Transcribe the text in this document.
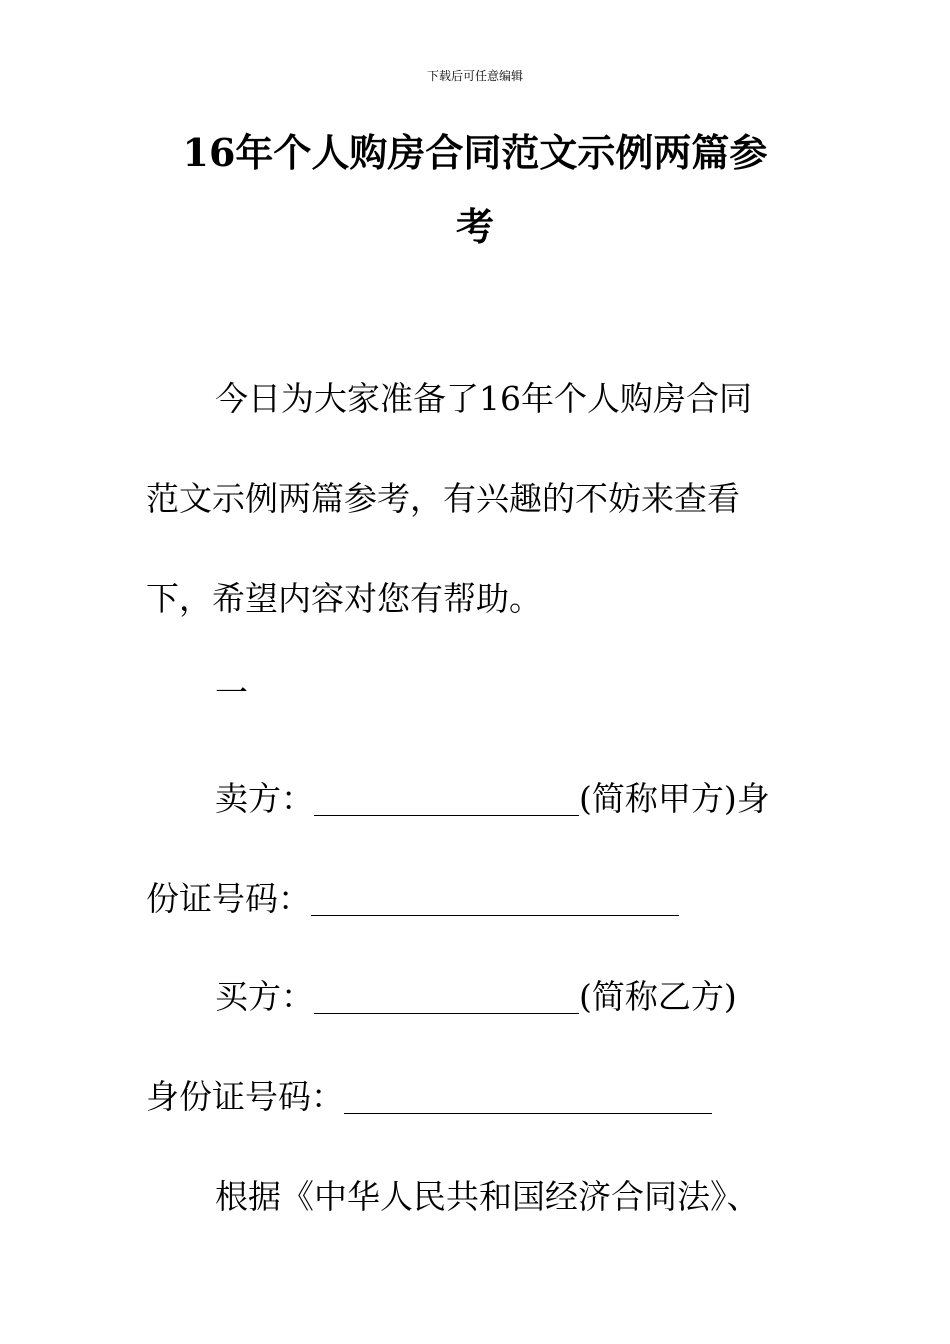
下载后可任意编辑
16年个人购房合同范文示例两篇参
考
今日为大家准备了16年个人购房合同
范文示例两篇参考，有兴趣的不妨来查看
下，希望内容对您有帮助。
一
卖方：	(简称甲方)身
份证号码：
买方：	(简称乙方)
身份证号码：
根据《中华人民共和国经济合同法》、
